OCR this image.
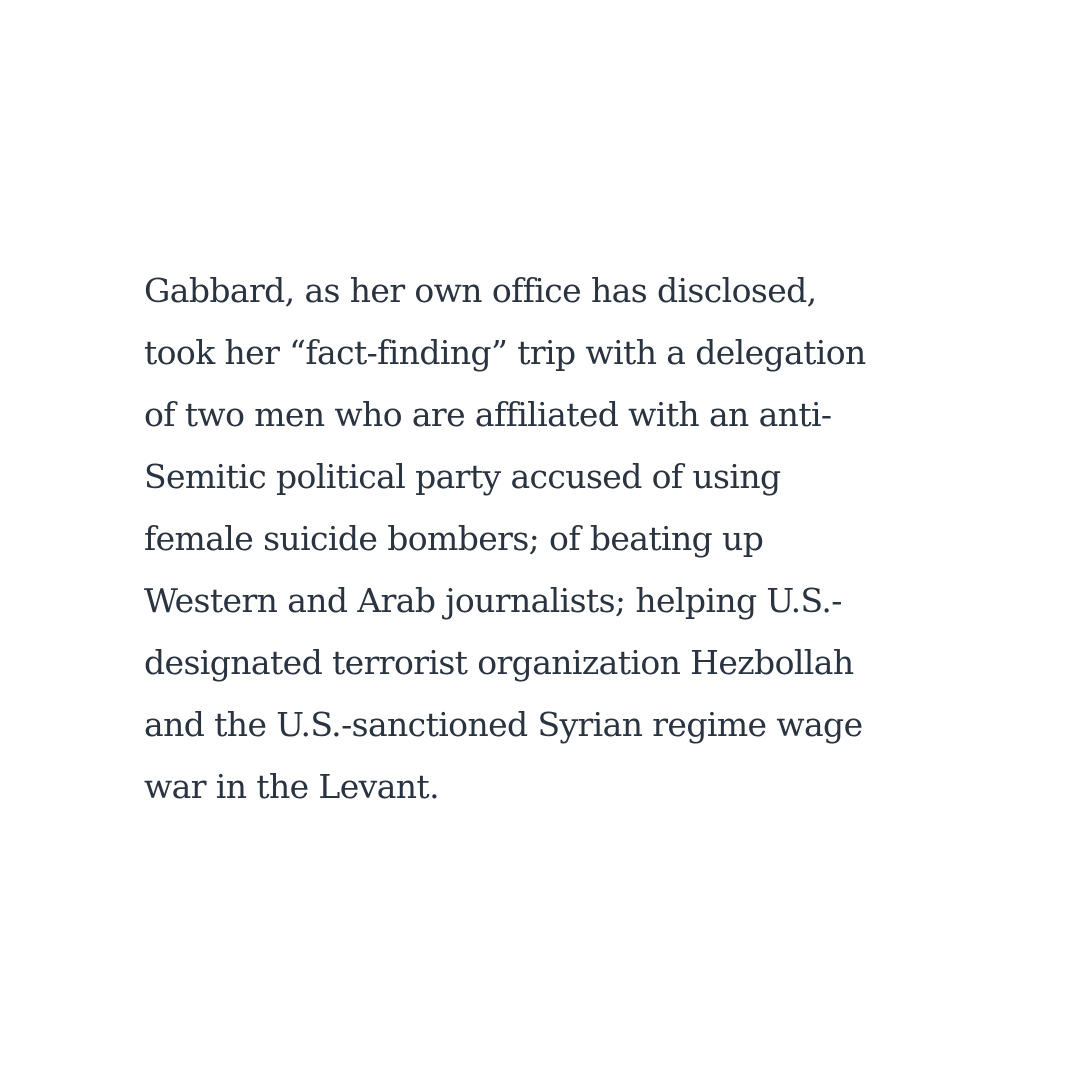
Gabbard, as her own office has disclosed,
took her “fact-finding” trip with a delegation
of two men who are affiliated with an anti-
Semitic political party accused of using
female suicide bombers; of beating up
Western and Arab journalists; helping U.S.-
designated terrorist organization Hezbollah
and the U.S.-sanctioned Syrian regime wage
war in the Levant.
